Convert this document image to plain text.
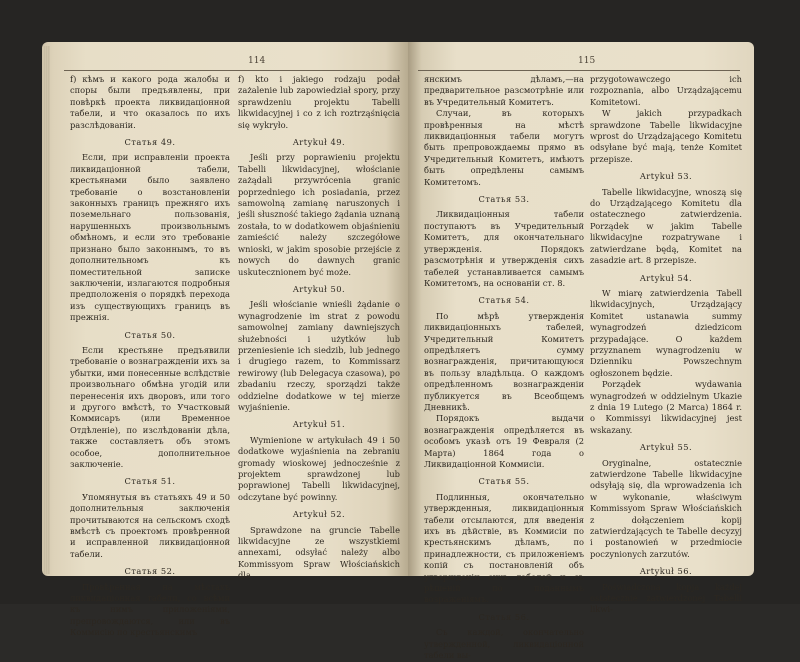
114

f) кѣмъ и какого рода жалобы и споры были предъявлены, при повѣркѣ проекта ликвидаціонной табели, и что оказалось по ихъ разслѣдованіи.

Статья 49.

Если, при исправленіи проекта ликвидаціонной табели, крестьянами было заявлено требованіе о возстановленіи законныхъ границъ прежняго ихъ поземельнаго пользованія, нарушенныхъ произвольнымъ обмѣномъ, и если это требованіе признано было законнымъ, то въ дополнительномъ къ поместительной записке заключеніи, излагаются подробныя предположенія о порядкѣ перехода изъ существующихъ границъ въ прежнія.

Статья 50.

Если крестьяне предъявили требованіе о вознагражденіи ихъ за убытки, ими понесенные вслѣдствіе произвольнаго обмѣна угодій или перенесенія ихъ дворовъ, или того и другого вмѣстѣ, то Участковый Коммисаръ (или Временное Отдѣленіе), по изслѣдованіи дѣла, также составляетъ объ этомъ особое, дополнительное заключеніе.

Статья 51.

Упомянутыя въ статьяхъ 49 и 50 дополнительныя заключенія прочитываются на сельскомъ сходѣ вмѣстѣ съ проектомъ провѣренной и исправленной ликвидаціонной табели.

Статья 52.

Провѣренная на мѣстахъ ликвидаціонная табели, со всѣми къ нимъ приложеніями, препровождаются, или въ Коммисію по крестьянскимъ

f) kto i jakiego rodzaju podał zażalenie lub zapowiedział spory, przy sprawdzeniu projektu Tabelli likwidacyjnej i co z ich roztrząśnięcia się wykryło.

Artykuł 49.

Jeśli przy poprawieniu projektu Tabelli likwidacyjnej, włościanie zażądali przywrócenia granic poprzedniego ich posiadania, przez samowolną zamianę naruszonych i jeśli słuszność takiego żądania uznaną została, to w dodatkowem objaśnieniu zamieścić należy szczegółowe wnioski, w jakim sposobie przejście z nowych do dawnych granic uskutecznionem być może.

Artykuł 50.

Jeśli włościanie wnieśli żądanie o wynagrodzenie im strat z powodu samowolnej zamiany dawniejszych służebności i użytków lub przeniesienie ich siedzib, lub jednego i drugiego razem, to Kommissarz rewirowy (lub Delegacya czasowa), po zbadaniu rzeczy, sporządzi także oddzielne dodatkowe w tej mierze wyjaśnienie.

Artykuł 51.

Wymienione w artykułach 49 i 50 dodatkowe wyjaśnienia na zebraniu gromady wioskowej jednocześnie z projektem sprawdzonej lub poprawionej Tabelli likwidacyjnej, odczytane być powinny.

Artykuł 52.

Sprawdzone na gruncie Tabelle likwidacyjne ze wszystkiemi annexami, odsyłać należy albo Kommissyom Spraw Włościańskich dla

115

янскимъ дѣламъ,—на предварительное разсмотрѣніе или въ Учредительный Комитетъ.

Случаи, въ которыхъ провѣренныя на мѣстѣ ликвидаціонныя табели могутъ быть препровождаемы прямо въ Учредительный Комитетъ, имѣютъ быть опредѣлены самымъ Комитетомъ.

Статья 53.

Ликвидаціонныя табели поступаютъ въ Учредительный Комитетъ, для окончательнаго утвержденія. Порядокъ разсмотрѣнія и утвержденія сихъ табелей устанавливается самымъ Комитетомъ, на основаніи ст. 8.

Статья 54.

По мѣрѣ утвержденія ликвидаціонныхъ табелей, Учредительный Комитетъ опредѣляетъ сумму вознагражденія, причитающуюся въ пользу владѣльца. О каждомъ опредѣленномъ вознагражденіи публикуется въ Всеобщемъ Дневникѣ.

Порядокъ выдачи вознагражденія опредѣляется въ особомъ указѣ отъ 19 Февраля (2 Марта) 1864 года о Ликвидаціонной Коммисіи.

Статья 55.

Подлинныя, окончательно утвержденныя, ликвидаціонныя табели отсылаются, для введенія ихъ въ дѣйствіе, въ Коммисіи по крестьянскимъ дѣламъ, по принадлежности, съ приложеніемъ копій съ постановленій объ утвержденіи сихъ табелей и съ рѣшеній по поданнымъ возраженіямъ.

Статья 56.

Съ каждой, окончательно утвержденной, ликвидаціонной табели вы-

przygotowawczego ich rozpoznania, albo Urządzającemu Komitetowi.

W jakich przypadkach sprawdzone Tabelle likwidacyjne wprost do Urządzającego Komitetu odsyłane być mają, tenże Komitet przepisze.

Artykuł 53.

Tabelle likwidacyjne, wnoszą się do Urządzającego Komitetu dla ostatecznego zatwierdzenia. Porządek w jakim Tabelle likwidacyjne rozpatrywane i zatwierdzane będą, Komitet na zasadzie art. 8 przepisze.

Artykuł 54.

W miarę zatwierdzenia Tabell likwidacyjnych, Urządzający Komitet ustanawia summy wynagrodzeń dziedzicom przypadające. O każdem przyznanem wynagrodzeniu w Dzienniku Powszechnym ogłoszonem będzie.

Porządek wydawania wynagrodzeń w oddzielnym Ukazie z dnia 19 Lutego (2 Marca) 1864 r. o Kommissyi likwidacyjnej jest wskazany.

Artykuł 55.

Oryginalne, ostatecznie zatwierdzone Tabelle likwidacyjne odsyłają się, dla wprowadzenia ich w wykonanie, właściwym Kommissyom Spraw Włościańskich z dołączeniem kopij zatwierdzających te Tabelle decyzyj i postanowień w przedmiocie poczynionych zarzutów.

Artykuł 56.

Poświadczona kopja każdej ostatecznie zatwierdzonej Tabelli likwi-
